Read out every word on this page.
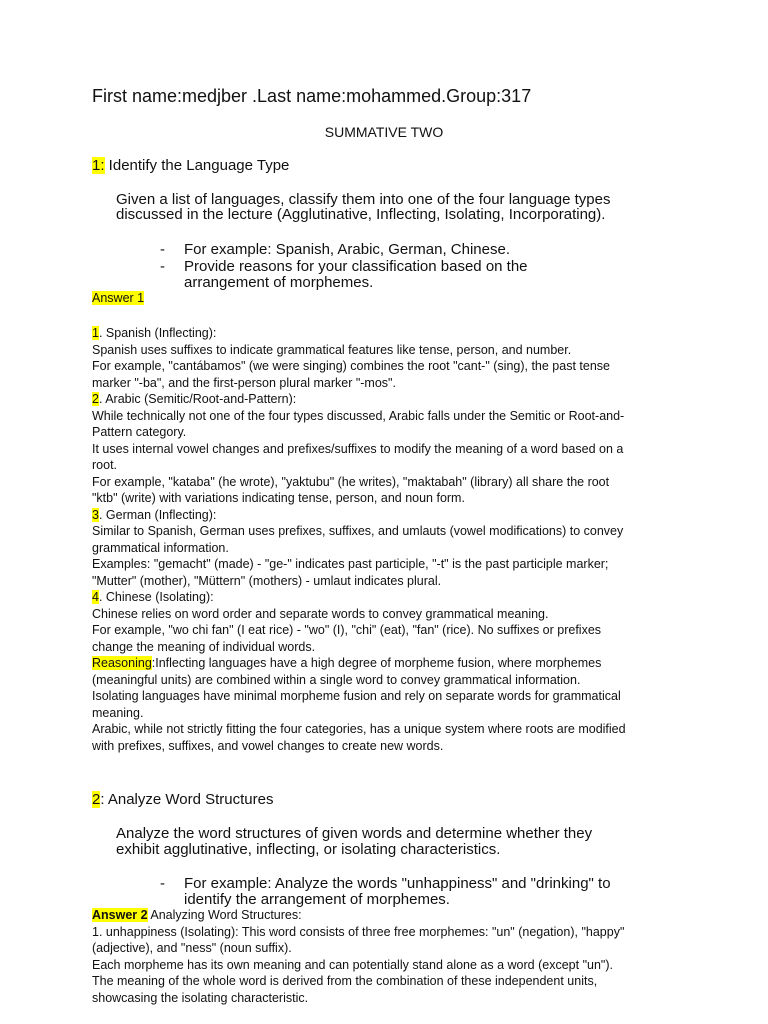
First name:medjber .Last name:mohammed.Group:317
SUMMATIVE TWO
1: Identify the Language Type
Given a list of languages, classify them into one of the four language types
discussed in the lecture (Agglutinative, Inflecting, Isolating, Incorporating).
- For example: Spanish, Arabic, German, Chinese.
- Provide reasons for your classification based on the
arrangement of morphemes.
Answer 1

1. Spanish (Inflecting):

Spanish uses suffixes to indicate grammatical features like tense, person, and number.

For example, "cantábamos" (we were singing) combines the root "cant-" (sing), the past tense

marker "-ba", and the first-person plural marker "-mos".

2. Arabic (Semitic/Root-and-Pattern):

While technically not one of the four types discussed, Arabic falls under the Semitic or Root-and-

Pattern category.

It uses internal vowel changes and prefixes/suffixes to modify the meaning of a word based on a

root.

For example, "kataba" (he wrote), "yaktubu" (he writes), "maktabah" (library) all share the root

"ktb" (write) with variations indicating tense, person, and noun form.

3. German (Inflecting):

Similar to Spanish, German uses prefixes, suffixes, and umlauts (vowel modifications) to convey

grammatical information.

Examples: "gemacht" (made) - "ge-" indicates past participle, "-t" is the past participle marker;

"Mutter" (mother), "Müttern" (mothers) - umlaut indicates plural.

4. Chinese (Isolating):

Chinese relies on word order and separate words to convey grammatical meaning.

For example, "wo chi fan" (I eat rice) - "wo" (I), "chi" (eat), "fan" (rice). No suffixes or prefixes

change the meaning of individual words.

Reasoning:Inflecting languages have a high degree of morpheme fusion, where morphemes

(meaningful units) are combined within a single word to convey grammatical information.

Isolating languages have minimal morpheme fusion and rely on separate words for grammatical

meaning.

Arabic, while not strictly fitting the four categories, has a unique system where roots are modified

with prefixes, suffixes, and vowel changes to create new words.

2: Analyze Word Structures
Analyze the word structures of given words and determine whether they
exhibit agglutinative, inflecting, or isolating characteristics.
- For example: Analyze the words "unhappiness" and "drinking" to
identify the arrangement of morphemes.

Answer 2 Analyzing Word Structures:

1. unhappiness (Isolating): This word consists of three free morphemes: "un" (negation), "happy"

(adjective), and "ness" (noun suffix).

Each morpheme has its own meaning and can potentially stand alone as a word (except "un").

The meaning of the whole word is derived from the combination of these independent units,

showcasing the isolating characteristic.
